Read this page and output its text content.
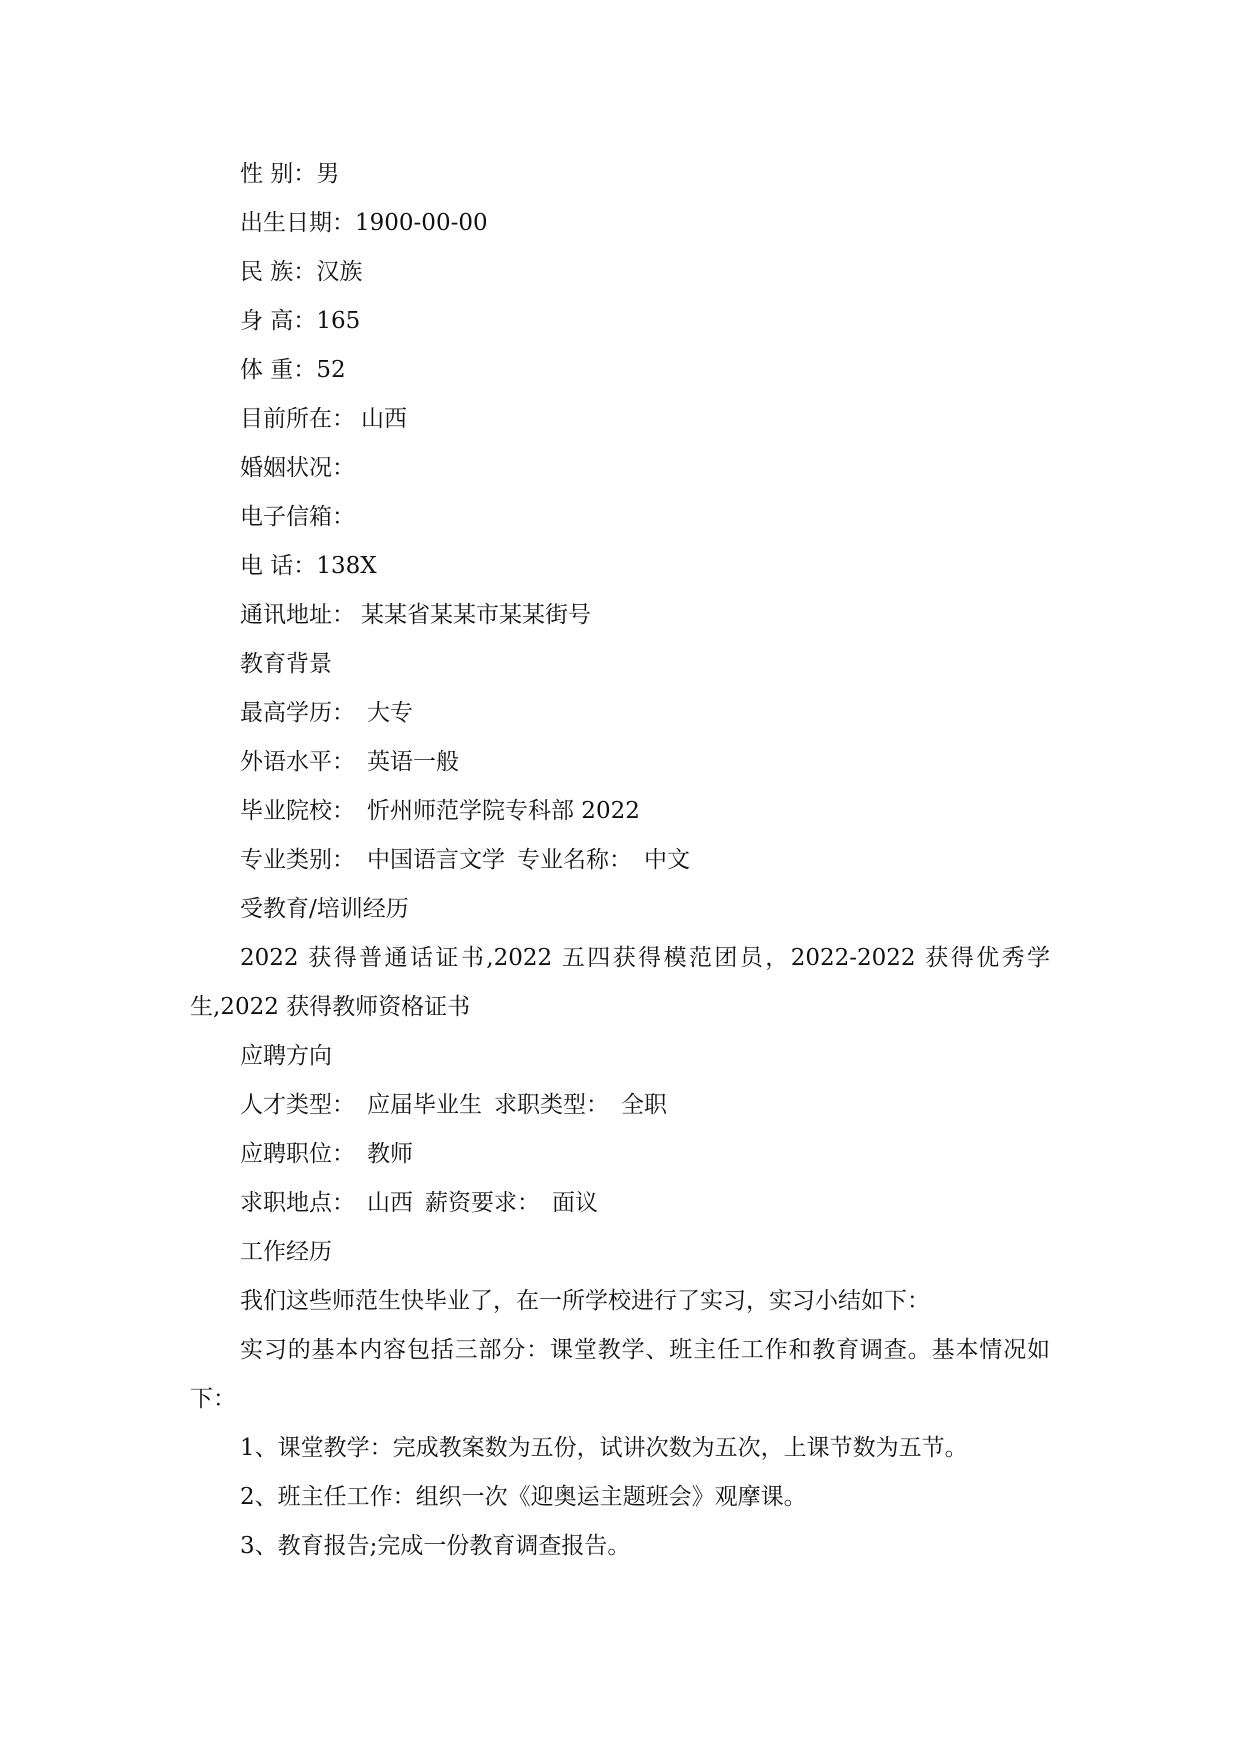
性 别：男
出生日期：1900-00-00
民 族：汉族
身 高：165
体 重：52
目前所在： 山西
婚姻状况：
电子信箱：
电 话：138X
通讯地址： 某某省某某市某某街号
教育背景
最高学历： 大专
外语水平： 英语一般
毕业院校： 忻州师范学院专科部 2022
专业类别： 中国语言文学 专业名称： 中文
受教育/培训经历

2022 获得普通话证书,2022 五四获得模范团员，2022-2022 获得优秀学生,2022 获得教师资格证书

应聘方向
人才类型： 应届毕业生 求职类型： 全职
应聘职位： 教师
求职地点： 山西 薪资要求： 面议
工作经历

我们这些师范生快毕业了，在一所学校进行了实习，实习小结如下：

实习的基本内容包括三部分：课堂教学、班主任工作和教育调查。基本情况如下：

1、课堂教学：完成教案数为五份，试讲次数为五次，上课节数为五节。

2、班主任工作：组织一次《迎奥运主题班会》观摩课。

3、教育报告;完成一份教育调查报告。
